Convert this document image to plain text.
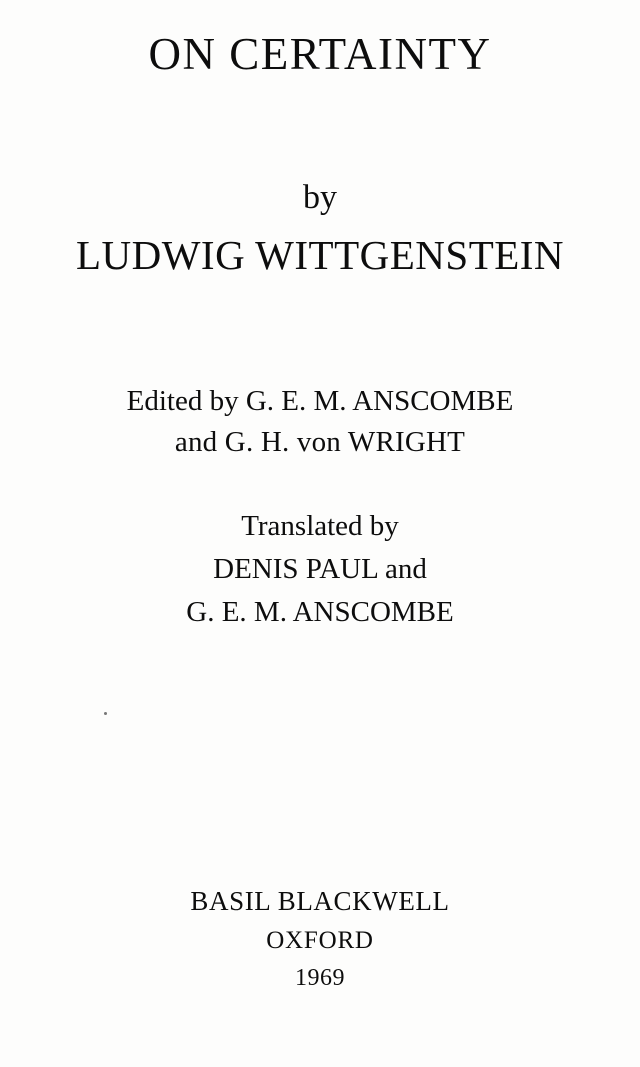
ON CERTAINTY
by
LUDWIG WITTGENSTEIN
Edited by G. E. M. ANSCOMBE
and G. H. von WRIGHT
Translated by
DENIS PAUL and
G. E. M. ANSCOMBE
BASIL BLACKWELL
OXFORD
1969
